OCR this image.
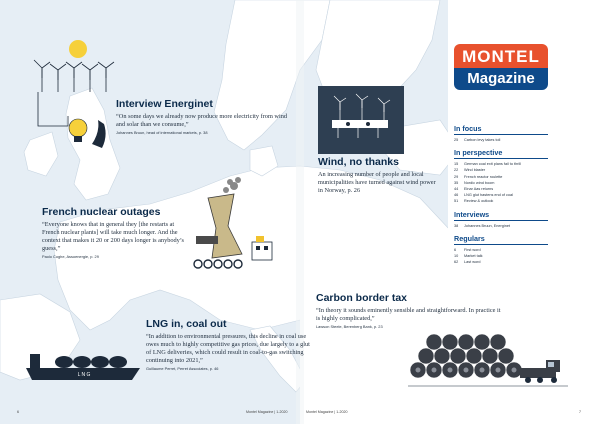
Interview Energinet
“On some days we already now produce more electricity from wind and solar than we consume,”
Johannes Bruun, head of international markets, p. 38
French nuclear outages
“Everyone knows that in general they [the restarts at French nuclear plants] will take much longer. And the context that makes it 20 or 200 days longer is anybody’s guess,”
Paolo Coghe, Assoenergie, p. 29
LNG in, coal out
“In addition to environmental pressures, this decline in coal use owes much to highly competitive gas prices, due largely to a glut of LNG deliveries, which could result in coal-to-gas switching continuing into 2021,”
Guillaume Perret, Perret Associates, p. 46
L N G
Wind, no thanks
An increasing number of people and local municipalities have turned against wind power in Norway, p. 26
MONTEL
Magazine
In focus
25	Carbon levy takes toll
In perspective
15	German coal exit plans fail to thrill
22	Wind blaster
29	French reactor roulette
35	Nordic wind boom
44	Einar Aas returns
46	LNG glut hastens end of coal
51	Review & outlook
Interviews
38	Johannes Bruun, Energinet
Regulars
6	First word
10	Market talk
62	Last word
Carbon border tax
“In theory it sounds eminently sensible and straightforward. In practice it is highly complicated,”
Lawson Steele, Berenberg Bank, p. 23
6	Montel Magazine | 1-2020	Montel Magazine | 1-2020	7
